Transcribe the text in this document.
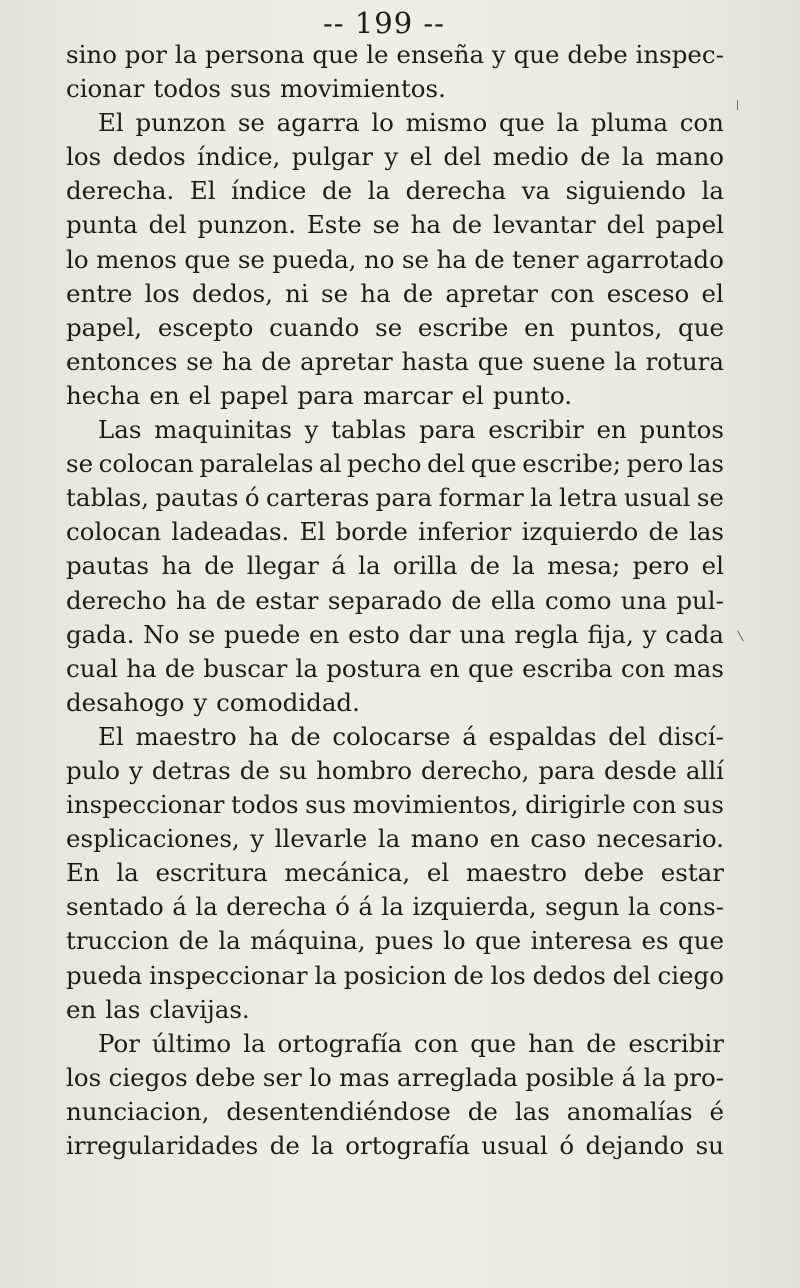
-- 199 --
sino por la persona que le enseña y que debe inspec-
cionar todos sus movimientos.
El punzon se agarra lo mismo que la pluma con
los dedos índice, pulgar y el del medio de la mano
derecha. El índice de la derecha va siguiendo la
punta del punzon. Este se ha de levantar del papel
lo menos que se pueda, no se ha de tener agarrotado
entre los dedos, ni se ha de apretar con esceso el
papel, escepto cuando se escribe en puntos, que
entonces se ha de apretar hasta que suene la rotura
hecha en el papel para marcar el punto.
Las maquinitas y tablas para escribir en puntos
se colocan paralelas al pecho del que escribe; pero las
tablas, pautas ó carteras para formar la letra usual se
colocan ladeadas. El borde inferior izquierdo de las
pautas ha de llegar á la orilla de la mesa; pero el
derecho ha de estar separado de ella como una pul-
gada. No se puede en esto dar una regla fija, y cada
cual ha de buscar la postura en que escriba con mas
desahogo y comodidad.
El maestro ha de colocarse á espaldas del discí-
pulo y detras de su hombro derecho, para desde allí
inspeccionar todos sus movimientos, dirigirle con sus
esplicaciones, y llevarle la mano en caso necesario.
En la escritura mecánica, el maestro debe estar
sentado á la derecha ó á la izquierda, segun la cons-
truccion de la máquina, pues lo que interesa es que
pueda inspeccionar la posicion de los dedos del ciego
en las clavijas.
Por último la ortografía con que han de escribir
los ciegos debe ser lo mas arreglada posible á la pro-
nunciacion, desentendiéndose de las anomalías é
irregularidades de la ortografía usual ó dejando su
